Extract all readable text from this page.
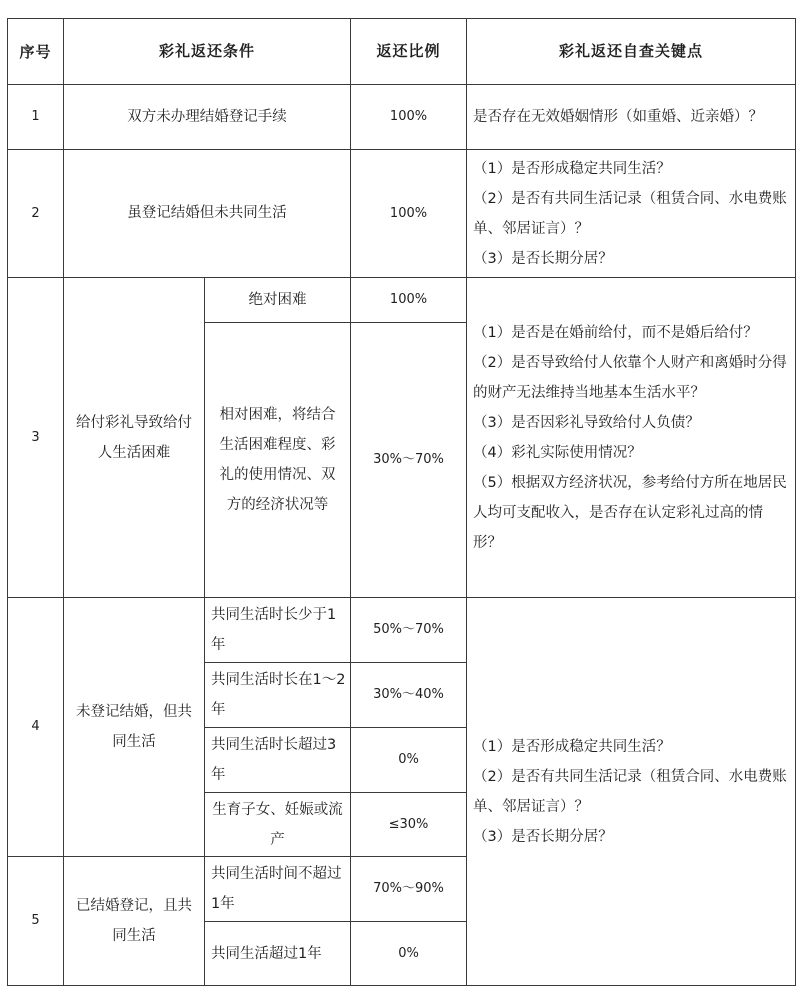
序号	彩礼返还条件		返还比例	彩礼返还自查关键点
1	双方未办理结婚登记手续		100%	是否存在无效婚姻情形（如重婚、近亲婚）？

2	虽登记结婚但未共同生活		100%	（1）是否形成稳定共同生活？
（2）是否有共同生活记录（租赁合同、水电费账单、邻居证言）？
（3）是否长期分居？

3	给付彩礼导致给付人生活困难	绝对困难	100%	（1）是否是在婚前给付，而不是婚后给付？
（2）是否导致给付人依靠个人财产和离婚时分得的财产无法维持当地基本生活水平？
（3）是否因彩礼导致给付人负债？
（4）彩礼实际使用情况？
（5）根据双方经济状况，参考给付方所在地居民人均可支配收入，是否存在认定彩礼过高的情形？

		相对困难，将结合生活困难程度、彩礼的使用情况、双方的经济状况等	30%～70%	
4	未登记结婚，但共同生活	共同生活时长少于1年	50%～70%	（1）是否形成稳定共同生活？
（2）是否有共同生活记录（租赁合同、水电费账单、邻居证言）？
（3）是否长期分居？

		共同生活时长在1～2年	30%～40%	
		共同生活时长超过3年	0%	
		生育子女、妊娠或流产	≤30%	
5	已结婚登记，且共同生活	共同生活时间不超过1年	70%～90%	
		共同生活超过1年	0%	
